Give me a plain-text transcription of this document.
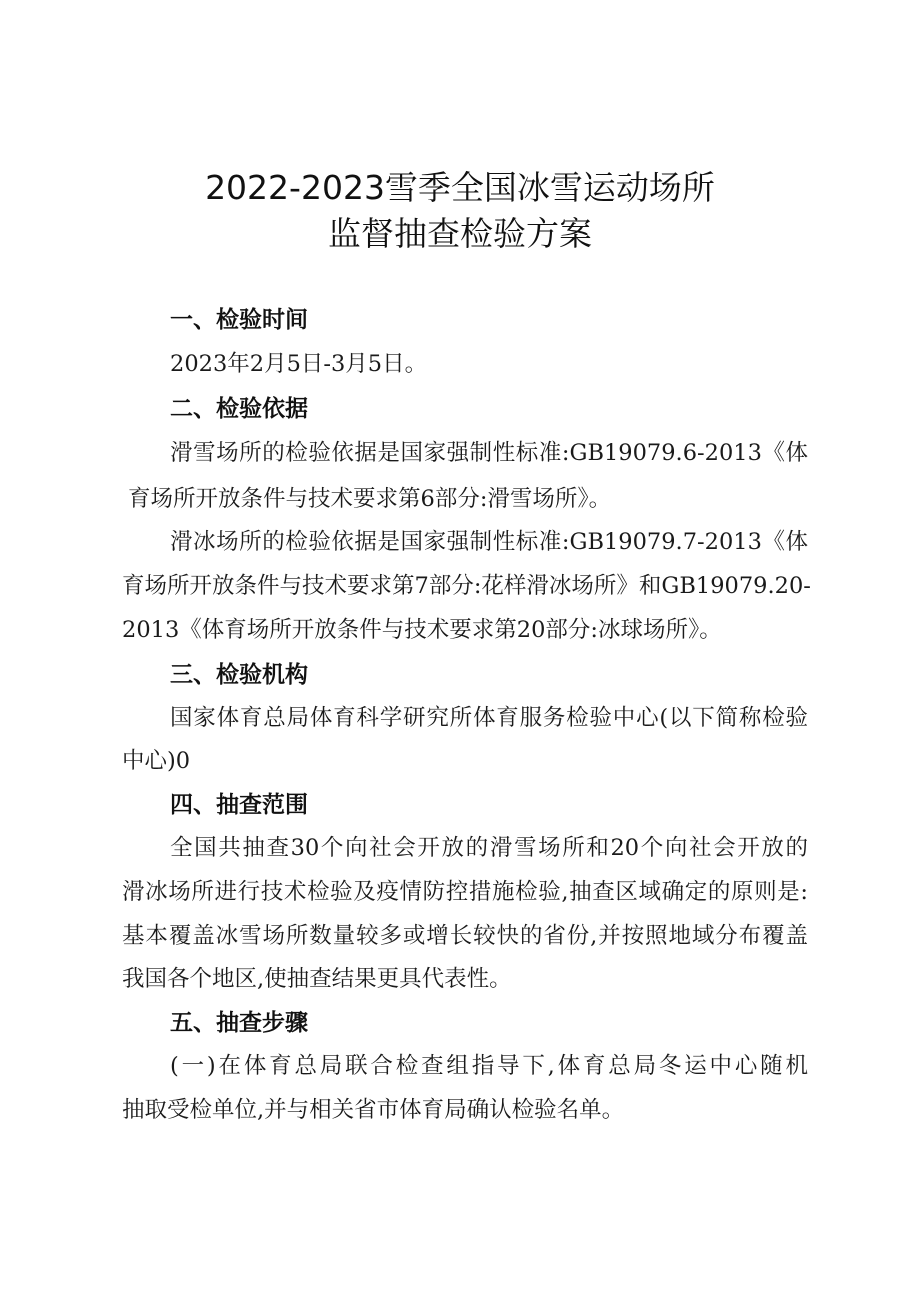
2022-2023雪季全国冰雪运动场所
监督抽查检验方案
一、检验时间
2023年2月5日-3月5日。
二、检验依据
滑雪场所的检验依据是国家强制性标准:GB19079.6-2013《体
育场所开放条件与技术要求第6部分:滑雪场所》。
滑冰场所的检验依据是国家强制性标准:GB19079.7-2013《体
育场所开放条件与技术要求第7部分:花样滑冰场所》和GB19079.20-
2013《体育场所开放条件与技术要求第20部分:冰球场所》。
三、检验机构
国家体育总局体育科学研究所体育服务检验中心(以下简称检验
中心)0
四、抽查范围
全国共抽查30个向社会开放的滑雪场所和20个向社会开放的
滑冰场所进行技术检验及疫情防控措施检验,抽查区域确定的原则是:
基本覆盖冰雪场所数量较多或增长较快的省份,并按照地域分布覆盖
我国各个地区,使抽查结果更具代表性。
五、抽查步骤
(一)在体育总局联合检查组指导下,体育总局冬运中心随机
抽取受检单位,并与相关省市体育局确认检验名单。
